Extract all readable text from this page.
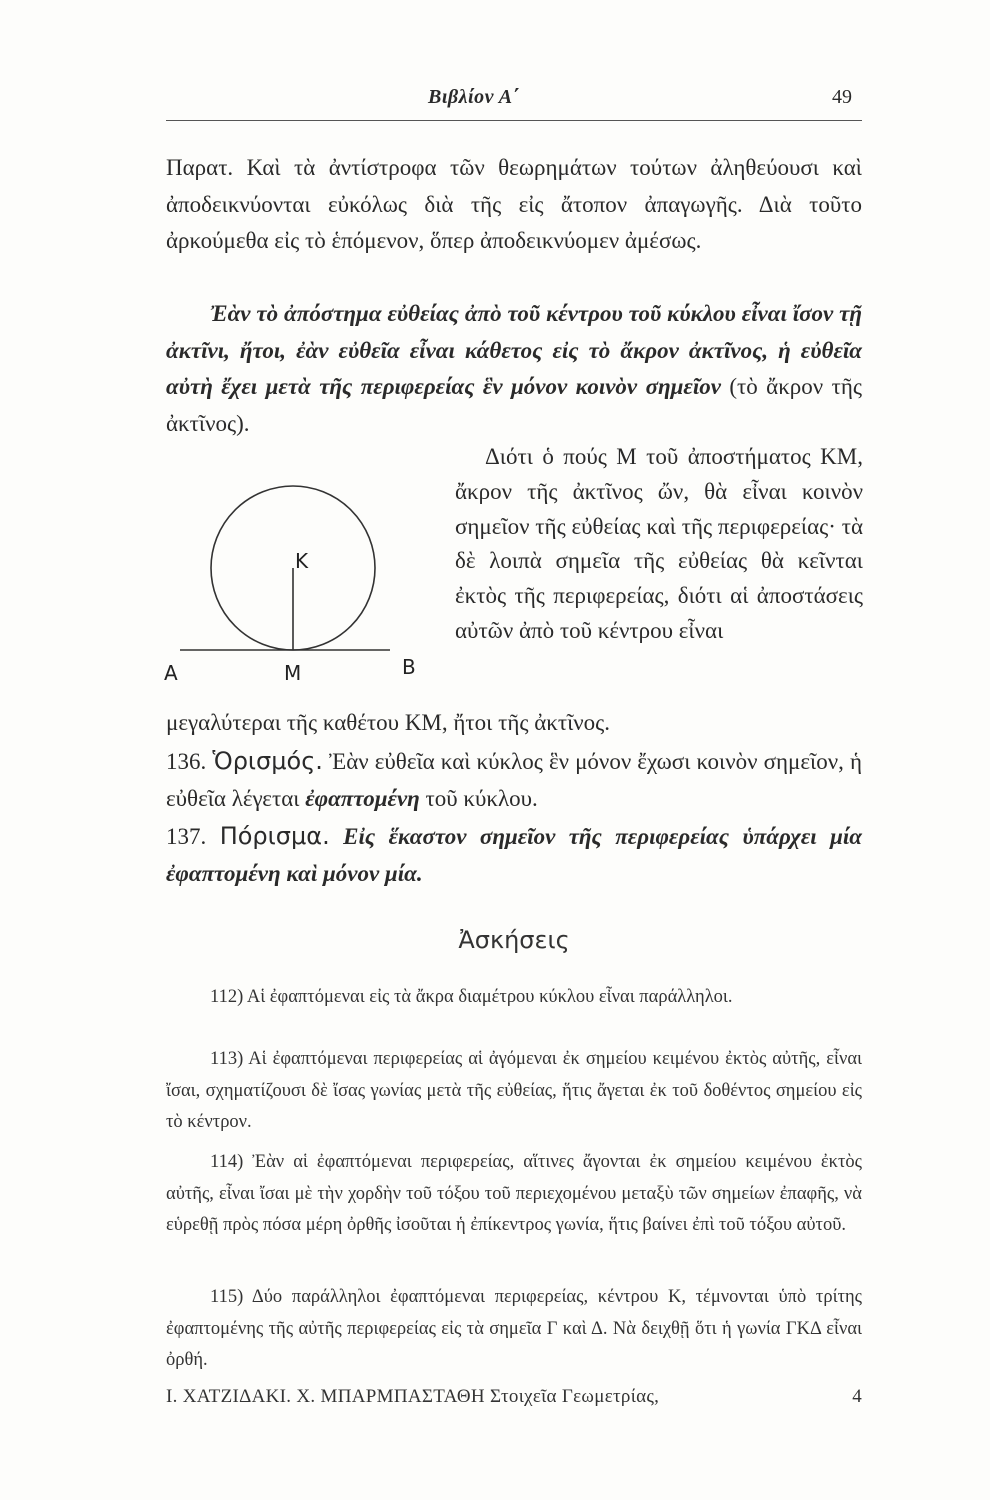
Βιβλίον Α΄	49
Παρατ. Καὶ τὰ ἀντίστροφα τῶν θεωρημάτων τούτων ἀληθεύουσι καὶ ἀποδεικνύονται εὐκόλως διὰ τῆς εἰς ἄτοπον ἀπαγωγῆς. Διὰ τοῦτο ἀρκούμεθα εἰς τὸ ἑπόμενον, ὅπερ ἀποδεικνύομεν ἀμέσως.
Ἐὰν τὸ ἀπόστημα εὐθείας ἀπὸ τοῦ κέντρου τοῦ κύκλου εἶναι ἴσον τῇ ἀκτῖνι, ἤτοι, ἐὰν εὐθεῖα εἶναι κάθετος εἰς τὸ ἄκρον ἀκτῖνος, ἡ εὐθεῖα αὐτὴ ἔχει μετὰ τῆς περιφερείας ἓν μόνον κοινὸν σημεῖον (τὸ ἄκρον τῆς ἀκτῖνος).
K
A	M	B
Διότι ὁ πούς Μ τοῦ ἀποστήματος ΚΜ, ἄκρον τῆς ἀκτῖνος ὤν, θὰ εἶναι κοινὸν σημεῖον τῆς εὐθείας καὶ τῆς περιφερείας· τὰ δὲ λοιπὰ σημεῖα τῆς εὐθείας θὰ κεῖνται ἐκτὸς τῆς περιφερείας, διότι αἱ ἀποστάσεις αὐτῶν ἀπὸ τοῦ κέντρου εἶναι
μεγαλύτεραι τῆς καθέτου ΚΜ, ἤτοι τῆς ἀκτῖνος.
136. Ὁρισμός. Ἐὰν εὐθεῖα καὶ κύκλος ἓν μόνον ἔχωσι κοινὸν σημεῖον, ἡ εὐθεῖα λέγεται ἐφαπτομένη τοῦ κύκλου.
137. Πόρισμα. Εἰς ἕκαστον σημεῖον τῆς περιφερείας ὑπάρχει μία ἐφαπτομένη καὶ μόνον μία.
Ἀσκήσεις
112) Αἱ ἐφαπτόμεναι εἰς τὰ ἄκρα διαμέτρου κύκλου εἶναι παράλληλοι.
113) Αἱ ἐφαπτόμεναι περιφερείας αἱ ἀγόμεναι ἐκ σημείου κειμένου ἐκτὸς αὐτῆς, εἶναι ἴσαι, σχηματίζουσι δὲ ἴσας γωνίας μετὰ τῆς εὐθείας, ἥτις ἄγεται ἐκ τοῦ δοθέντος σημείου εἰς τὸ κέντρον.
114) Ἐὰν αἱ ἐφαπτόμεναι περιφερείας, αἵτινες ἄγονται ἐκ σημείου κειμένου ἐκτὸς αὐτῆς, εἶναι ἴσαι μὲ τὴν χορδὴν τοῦ τόξου τοῦ περιεχομένου μεταξὺ τῶν σημείων ἐπαφῆς, νὰ εὑρεθῇ πρὸς πόσα μέρη ὀρθῆς ἰσοῦται ἡ ἐπίκεντρος γωνία, ἥτις βαίνει ἐπὶ τοῦ τόξου αὐτοῦ.
115) Δύο παράλληλοι ἐφαπτόμεναι περιφερείας, κέντρου Κ, τέμνονται ὑπὸ τρίτης ἐφαπτομένης τῆς αὐτῆς περιφερείας εἰς τὰ σημεῖα Γ καὶ Δ. Νὰ δειχθῇ ὅτι ἡ γωνία ΓΚΔ εἶναι ὀρθή.
Ι. ΧΑΤΖΙΔΑΚΙ. Χ. ΜΠΑΡΜΠΑΣΤΑΘΗ Στοιχεῖα Γεωμετρίας,	4
